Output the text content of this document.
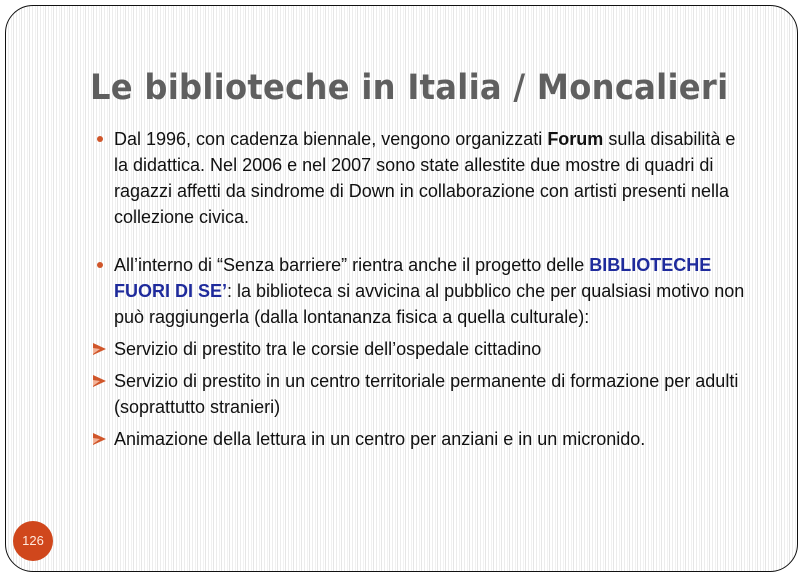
Le biblioteche in Italia / Moncalieri
Dal 1996, con cadenza biennale, vengono organizzati Forum sulla disabilità e la didattica. Nel 2006 e nel 2007 sono state allestite due mostre di quadri di ragazzi affetti da sindrome di Down in collaborazione con artisti presenti nella collezione civica.
All’interno di “Senza barriere” rientra anche il progetto delle BIBLIOTECHE FUORI DI SE’: la biblioteca si avvicina al pubblico che per qualsiasi motivo non può raggiungerla (dalla lontananza fisica a quella culturale):
Servizio di prestito tra le corsie dell’ospedale cittadino
Servizio di prestito in un centro territoriale permanente di formazione per adulti (soprattutto stranieri)
Animazione della lettura in un centro per anziani e in un micronido.
126
